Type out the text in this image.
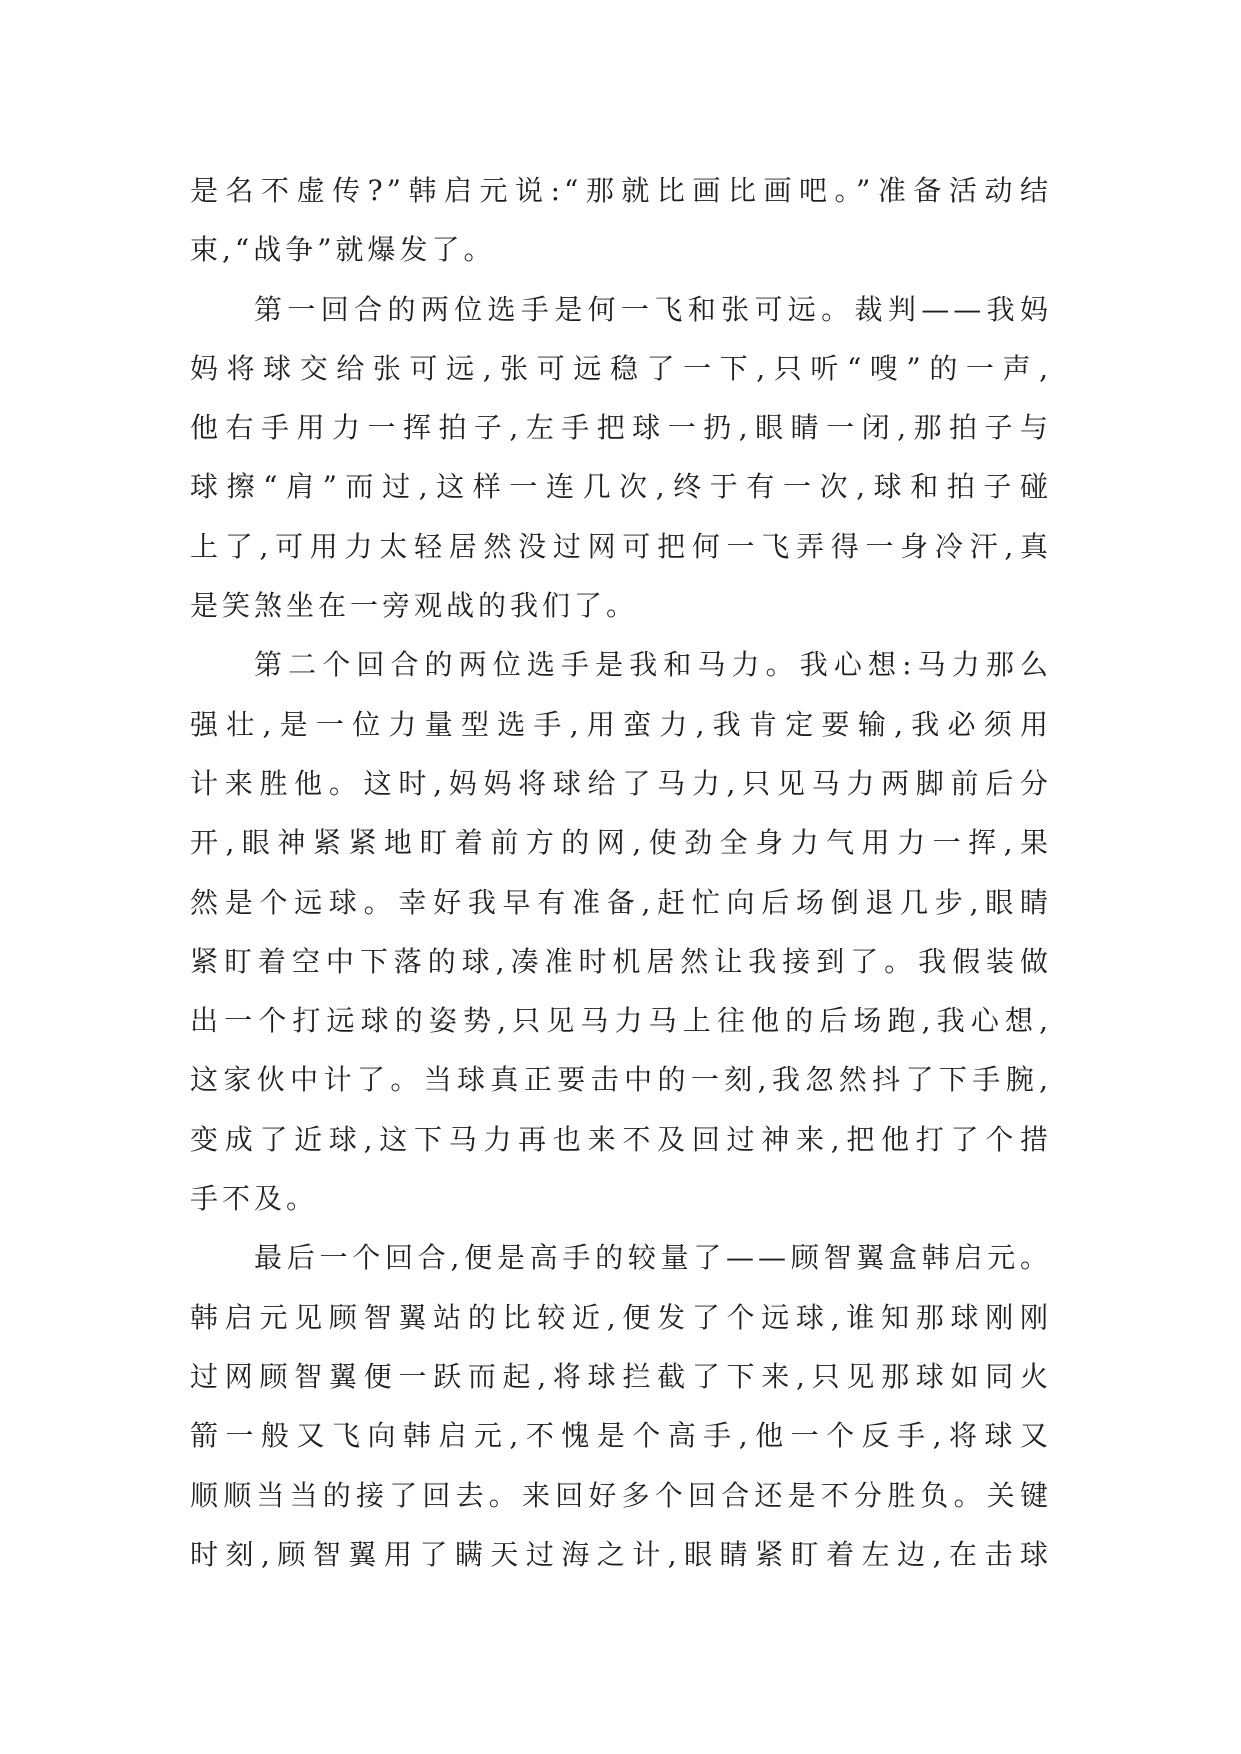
是名不虚传?”韩启元说:“那就比画比画吧。”准备活动结
束,“战争”就爆发了。
第一回合的两位选手是何一飞和张可远。裁判——我妈
妈将球交给张可远,张可远稳了一下,只听“嗖”的一声,
他右手用力一挥拍子,左手把球一扔,眼睛一闭,那拍子与
球擦“肩”而过,这样一连几次,终于有一次,球和拍子碰
上了,可用力太轻居然没过网可把何一飞弄得一身冷汗,真
是笑煞坐在一旁观战的我们了。
第二个回合的两位选手是我和马力。我心想:马力那么
强壮,是一位力量型选手,用蛮力,我肯定要输,我必须用
计来胜他。这时,妈妈将球给了马力,只见马力两脚前后分
开,眼神紧紧地盯着前方的网,使劲全身力气用力一挥,果
然是个远球。幸好我早有准备,赶忙向后场倒退几步,眼睛
紧盯着空中下落的球,凑准时机居然让我接到了。我假装做
出一个打远球的姿势,只见马力马上往他的后场跑,我心想,
这家伙中计了。当球真正要击中的一刻,我忽然抖了下手腕,
变成了近球,这下马力再也来不及回过神来,把他打了个措
手不及。
最后一个回合,便是高手的较量了——顾智翼盒韩启元。
韩启元见顾智翼站的比较近,便发了个远球,谁知那球刚刚
过网顾智翼便一跃而起,将球拦截了下来,只见那球如同火
箭一般又飞向韩启元,不愧是个高手,他一个反手,将球又
顺顺当当的接了回去。来回好多个回合还是不分胜负。关键
时刻,顾智翼用了瞒天过海之计,眼睛紧盯着左边,在击球
